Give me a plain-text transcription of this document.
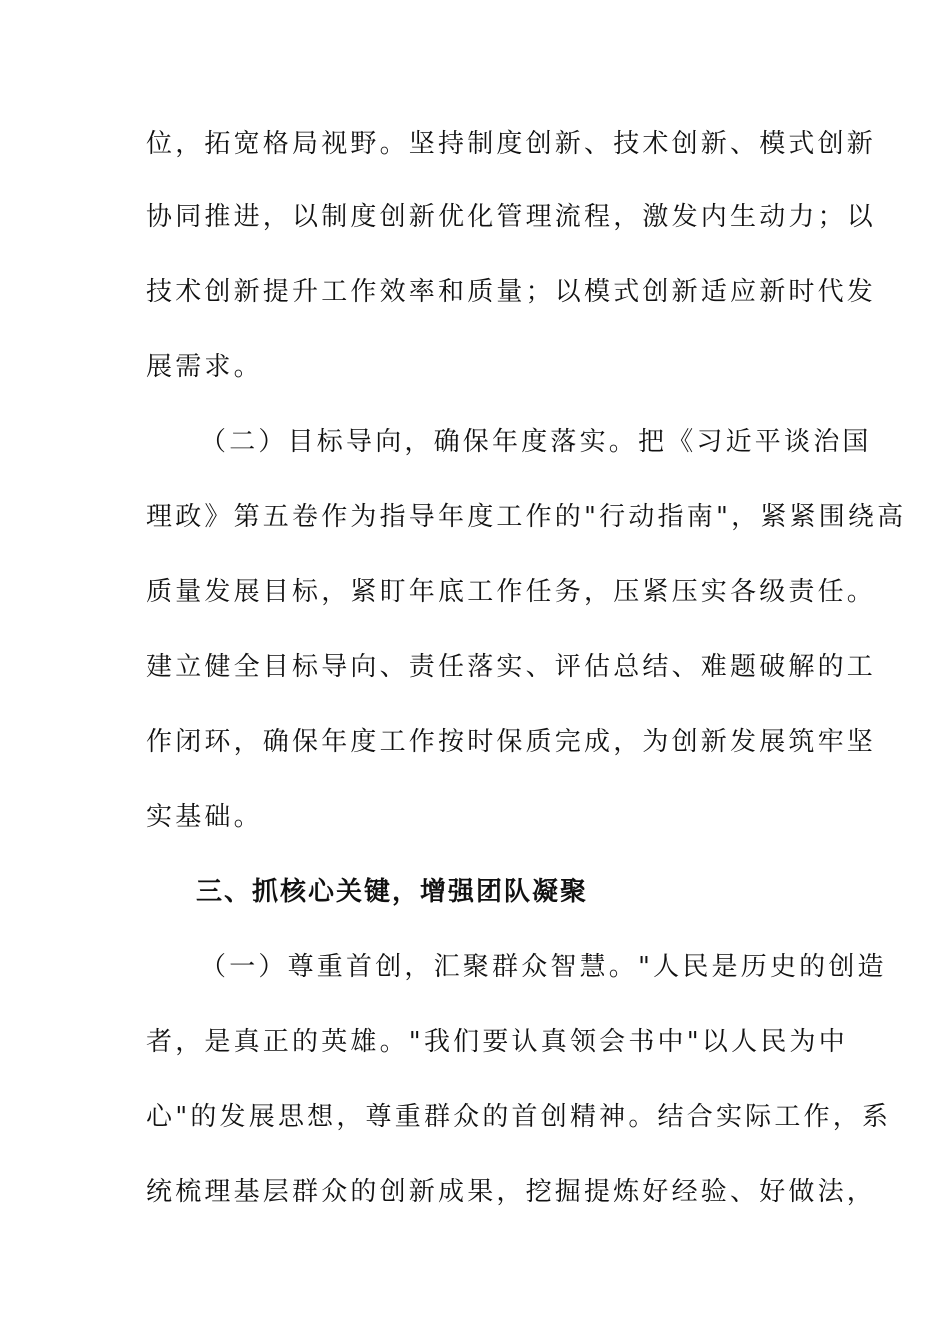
位，拓宽格局视野。坚持制度创新、技术创新、模式创新
协同推进，以制度创新优化管理流程，激发内生动力；以
技术创新提升工作效率和质量；以模式创新适应新时代发
展需求。
（二）目标导向，确保年度落实。把《习近平谈治国
理政》第五卷作为指导年度工作的"行动指南"，紧紧围绕高
质量发展目标，紧盯年底工作任务，压紧压实各级责任。
建立健全目标导向、责任落实、评估总结、难题破解的工
作闭环，确保年度工作按时保质完成，为创新发展筑牢坚
实基础。
三、抓核心关键，增强团队凝聚
（一）尊重首创，汇聚群众智慧。"人民是历史的创造
者，是真正的英雄。"我们要认真领会书中"以人民为中
心"的发展思想，尊重群众的首创精神。结合实际工作，系
统梳理基层群众的创新成果，挖掘提炼好经验、好做法，
